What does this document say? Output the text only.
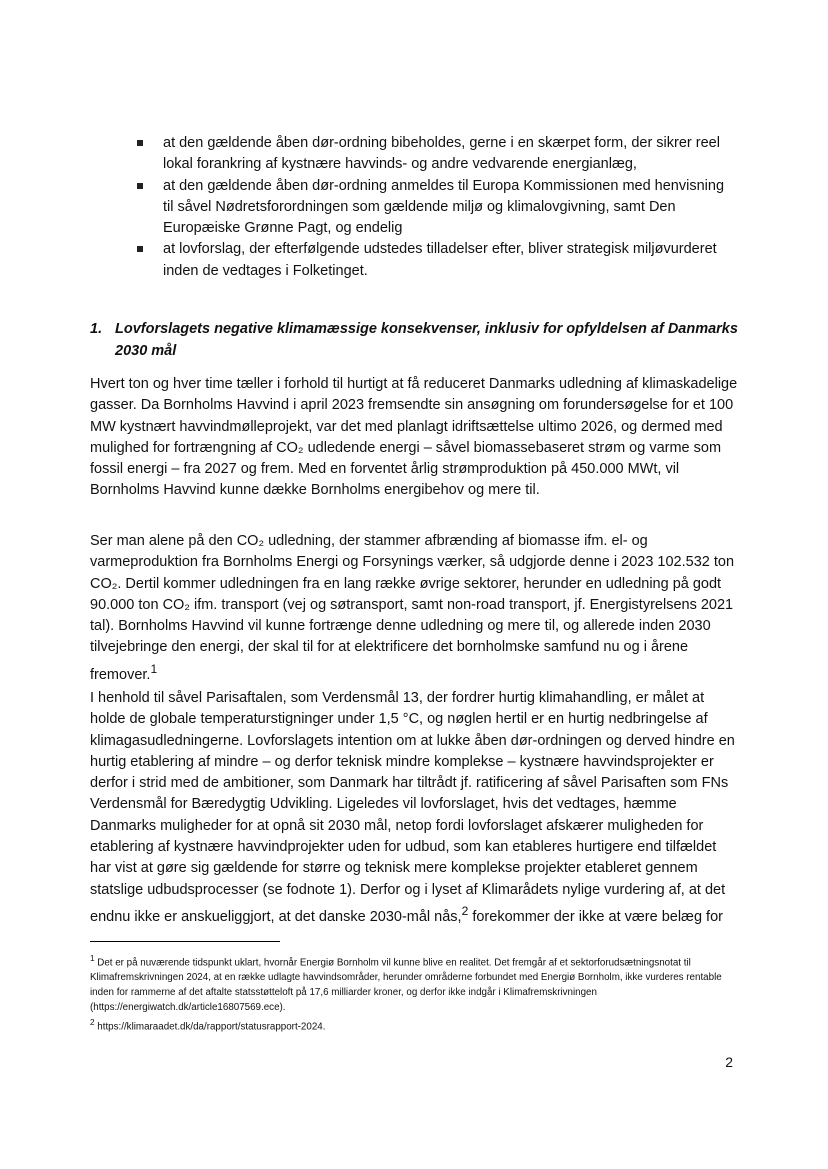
at den gældende åben dør-ordning bibeholdes, gerne i en skærpet form, der sikrer reel lokal forankring af kystnære havvinds- og andre vedvarende energianlæg,
at den gældende åben dør-ordning anmeldes til Europa Kommissionen med henvisning til såvel Nødretsforordningen som gældende miljø og klimalovgivning, samt Den Europæiske Grønne Pagt, og endelig
at lovforslag, der efterfølgende udstedes tilladelser efter, bliver strategisk miljøvurderet inden de vedtages i Folketinget.
1. Lovforslagets negative klimamæssige konsekvenser, inklusiv for opfyldelsen af Danmarks 2030 mål

Hvert ton og hver time tæller i forhold til hurtigt at få reduceret Danmarks udledning af klimaskadelige gasser. Da Bornholms Havvind i april 2023 fremsendte sin ansøgning om forundersøgelse for et 100 MW kystnært havvindmølleprojekt, var det med planlagt idriftsættelse ultimo 2026, og dermed med mulighed for fortrængning af CO₂ udledende energi – såvel biomassebaseret strøm og varme som fossil energi – fra 2027 og frem. Med en forventet årlig strømproduktion på 450.000 MWt, vil Bornholms Havvind kunne dække Bornholms energibehov og mere til.

Ser man alene på den CO₂ udledning, der stammer afbrænding af biomasse ifm. el- og varmeproduktion fra Bornholms Energi og Forsynings værker, så udgjorde denne i 2023 102.532 ton CO₂. Dertil kommer udledningen fra en lang række øvrige sektorer, herunder en udledning på godt 90.000 ton CO₂ ifm. transport (vej og søtransport, samt non-road transport, jf. Energistyrelsens 2021 tal). Bornholms Havvind vil kunne fortrænge denne udledning og mere til, og allerede inden 2030 tilvejebringe den energi, der skal til for at elektrificere det bornholmske samfund nu og i årene fremover.$^1$

I henhold til såvel Parisaftalen, som Verdensmål 13, der fordrer hurtig klimahandling, er målet at holde de globale temperaturstigninger under 1,5 °C, og nøglen hertil er en hurtig nedbringelse af klimagasudledningerne. Lovforslagets intention om at lukke åben dør-ordningen og derved hindre en hurtig etablering af mindre – og derfor teknisk mindre komplekse – kystnære havvindsprojekter er derfor i strid med de ambitioner, som Danmark har tiltrådt jf. ratificering af såvel Parisaften som FNs Verdensmål for Bæredygtig Udvikling. Ligeledes vil lovforslaget, hvis det vedtages, hæmme Danmarks muligheder for at opnå sit 2030 mål, netop fordi lovforslaget afskærer muligheden for etablering af kystnære havvindprojekter uden for udbud, som kan etableres hurtigere end tilfældet har vist at gøre sig gældende for større og teknisk mere komplekse projekter etableret gennem statslige udbudsprocesser (se fodnote 1). Derfor og i lyset af Klimarådets nylige vurdering af, at det endnu ikke er anskueliggjort, at det danske 2030-mål nås,$^2$ forekommer der ikke at være belæg for

$^1$ Det er på nuværende tidspunkt uklart, hvornår Energiø Bornholm vil kunne blive en realitet. Det fremgår af et sektorforudsætningsnotat til Klimafremskrivningen 2024, at en række udlagte havvindsområder, herunder områderne forbundet med Energiø Bornholm, ikke vurderes rentable inden for rammerne af det aftalte statsstøtteloft på 17,6 milliarder kroner, og derfor ikke indgår i Klimafremskrivningen (https://energiwatch.dk/article16807569.ece).

$^2$ https://klimaraadet.dk/da/rapport/statusrapport-2024.

2
